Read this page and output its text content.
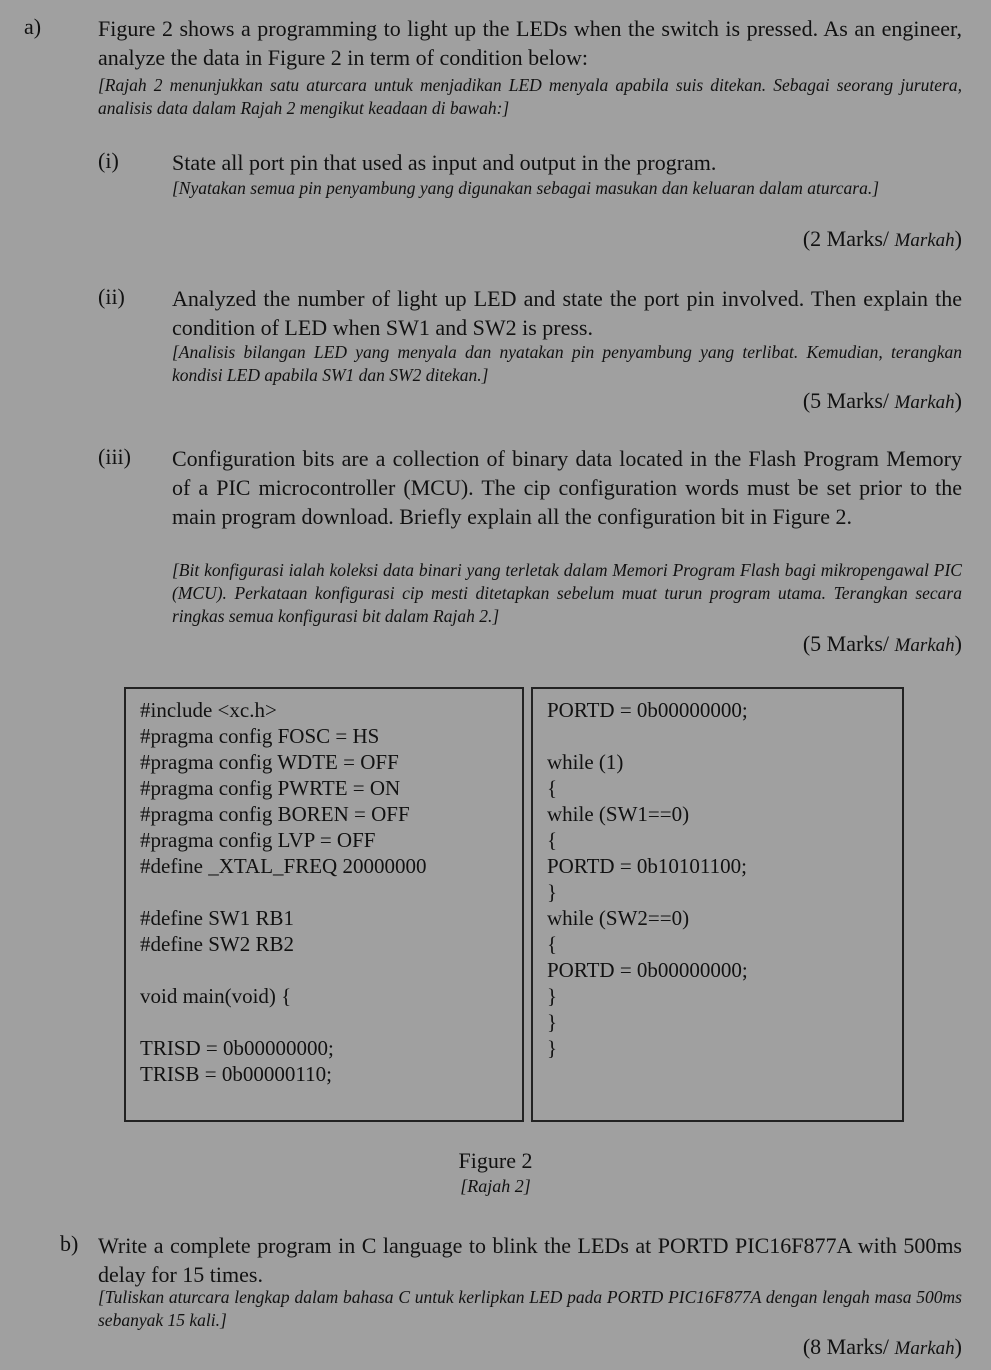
a)	Figure 2 shows a programming to light up the LEDs when the switch is pressed. As an engineer, analyze the data in Figure 2 in term of condition below:
[Rajah 2 menunjukkan satu aturcara untuk menjadikan LED menyala apabila suis ditekan. Sebagai seorang jurutera, analisis data dalam Rajah 2 mengikut keadaan di bawah:]
(i) State all port pin that used as input and output in the program.
[Nyatakan semua pin penyambung yang digunakan sebagai masukan dan keluaran dalam aturcara.]
(2 Marks/ Markah)
(ii) Analyzed the number of light up LED and state the port pin involved. Then explain the condition of LED when SW1 and SW2 is press.
[Analisis bilangan LED yang menyala dan nyatakan pin penyambung yang terlibat. Kemudian, terangkan kondisi LED apabila SW1 dan SW2 ditekan.]
(5 Marks/ Markah)
(iii) Configuration bits are a collection of binary data located in the Flash Program Memory of a PIC microcontroller (MCU). The cip configuration words must be set prior to the main program download. Briefly explain all the configuration bit in Figure 2.
[Bit konfigurasi ialah koleksi data binari yang terletak dalam Memori Program Flash bagi mikropengawal PIC (MCU). Perkataan konfigurasi cip mesti ditetapkan sebelum muat turun program utama. Terangkan secara ringkas semua konfigurasi bit dalam Rajah 2.]
(5 Marks/ Markah)
#include <xc.h>
#pragma config FOSC = HS
#pragma config WDTE = OFF
#pragma config PWRTE = ON
#pragma config BOREN = OFF
#pragma config LVP = OFF
#define _XTAL_FREQ 20000000
#define SW1 RB1
#define SW2 RB2
void main(void) {
TRISD = 0b00000000;
TRISB = 0b00000110;
PORTD = 0b00000000;
while (1)
{
while (SW1==0)
{
PORTD = 0b10101100;
}
while (SW2==0)
{
PORTD = 0b00000000;
}
}
}
Figure 2
[Rajah 2]
b) Write a complete program in C language to blink the LEDs at PORTD PIC16F877A with 500ms delay for 15 times.
[Tuliskan aturcara lengkap dalam bahasa C untuk kerlipkan LED pada PORTD PIC16F877A dengan lengah masa 500ms sebanyak 15 kali.]
(8 Marks/ Markah)
